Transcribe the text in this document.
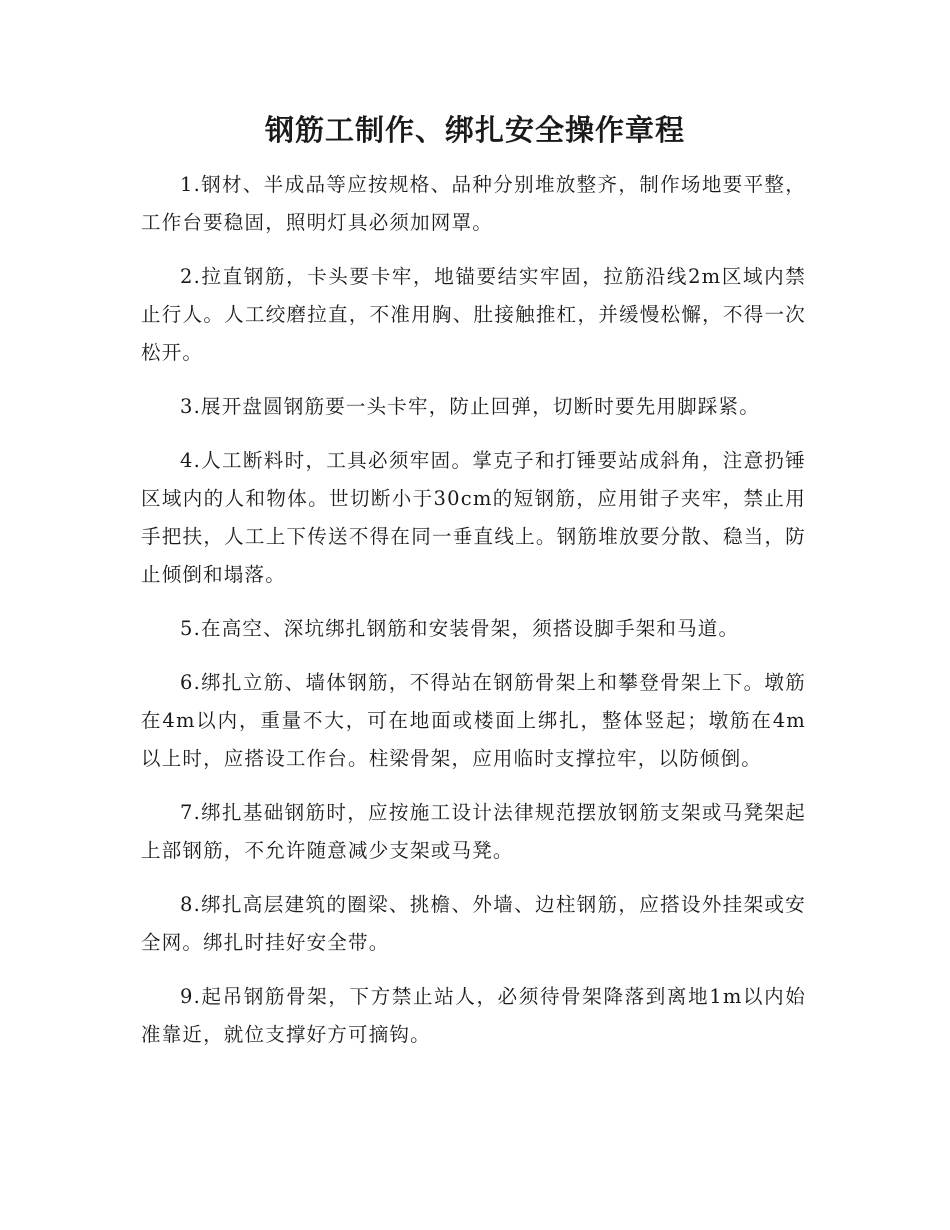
钢筋工制作、绑扎安全操作章程

1.钢材、半成品等应按规格、品种分别堆放整齐，制作场地要平整，工作台要稳固，照明灯具必须加网罩。

2.拉直钢筋，卡头要卡牢，地锚要结实牢固，拉筋沿线2m区域内禁止行人。人工绞磨拉直，不准用胸、肚接触推杠，并缓慢松懈，不得一次松开。

3.展开盘圆钢筋要一头卡牢，防止回弹，切断时要先用脚踩紧。

4.人工断料时，工具必须牢固。掌克子和打锤要站成斜角，注意扔锤区域内的人和物体。世切断小于30cm的短钢筋，应用钳子夹牢，禁止用手把扶，人工上下传送不得在同一垂直线上。钢筋堆放要分散、稳当，防止倾倒和塌落。

5.在高空、深坑绑扎钢筋和安装骨架，须搭设脚手架和马道。

6.绑扎立筋、墙体钢筋，不得站在钢筋骨架上和攀登骨架上下。墩筋在4m以内，重量不大，可在地面或楼面上绑扎，整体竖起；墩筋在4m以上时，应搭设工作台。柱梁骨架，应用临时支撑拉牢，以防倾倒。

7.绑扎基础钢筋时，应按施工设计法律规范摆放钢筋支架或马凳架起上部钢筋，不允许随意减少支架或马凳。

8.绑扎高层建筑的圈梁、挑檐、外墙、边柱钢筋，应搭设外挂架或安全网。绑扎时挂好安全带。

9.起吊钢筋骨架，下方禁止站人，必须待骨架降落到离地1m以内始准靠近，就位支撑好方可摘钩。
